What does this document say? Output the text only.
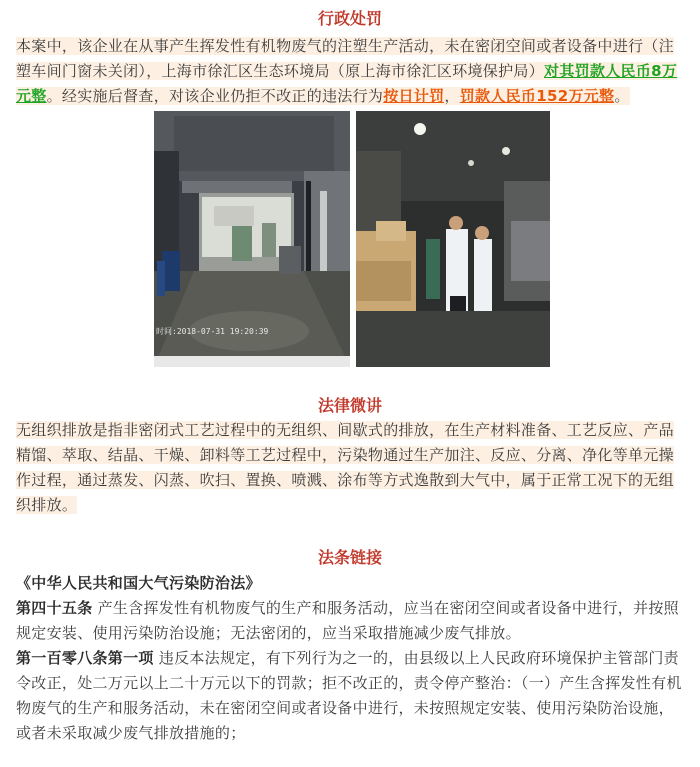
行政处罚
本案中，该企业在从事产生挥发性有机物废气的注塑生产活动，未在密闭空间或者设备中进行（注塑车间门窗未关闭），上海市徐汇区生态环境局（原上海市徐汇区环境保护局）对其罚款人民币8万元整。经实施后督查，对该企业仍拒不改正的违法行为按日计罚，罚款人民币152万元整。
时间:2018-07-31 19:20:39
法律微讲
无组织排放是指非密闭式工艺过程中的无组织、间歇式的排放，在生产材料准备、工艺反应、产品精馏、萃取、结晶、干燥、卸料等工艺过程中，污染物通过生产加注、反应、分离、净化等单元操作过程，通过蒸发、闪蒸、吹扫、置换、喷溅、涂布等方式逸散到大气中，属于正常工况下的无组织排放。
法条链接
《中华人民共和国大气污染防治法》
第四十五条 产生含挥发性有机物废气的生产和服务活动，应当在密闭空间或者设备中进行，并按照规定安装、使用污染防治设施；无法密闭的，应当采取措施减少废气排放。
第一百零八条第一项 违反本法规定，有下列行为之一的，由县级以上人民政府环境保护主管部门责令改正，处二万元以上二十万元以下的罚款；拒不改正的，责令停产整治：（一）产生含挥发性有机物废气的生产和服务活动，未在密闭空间或者设备中进行，未按照规定安装、使用污染防治设施，或者未采取减少废气排放措施的；
